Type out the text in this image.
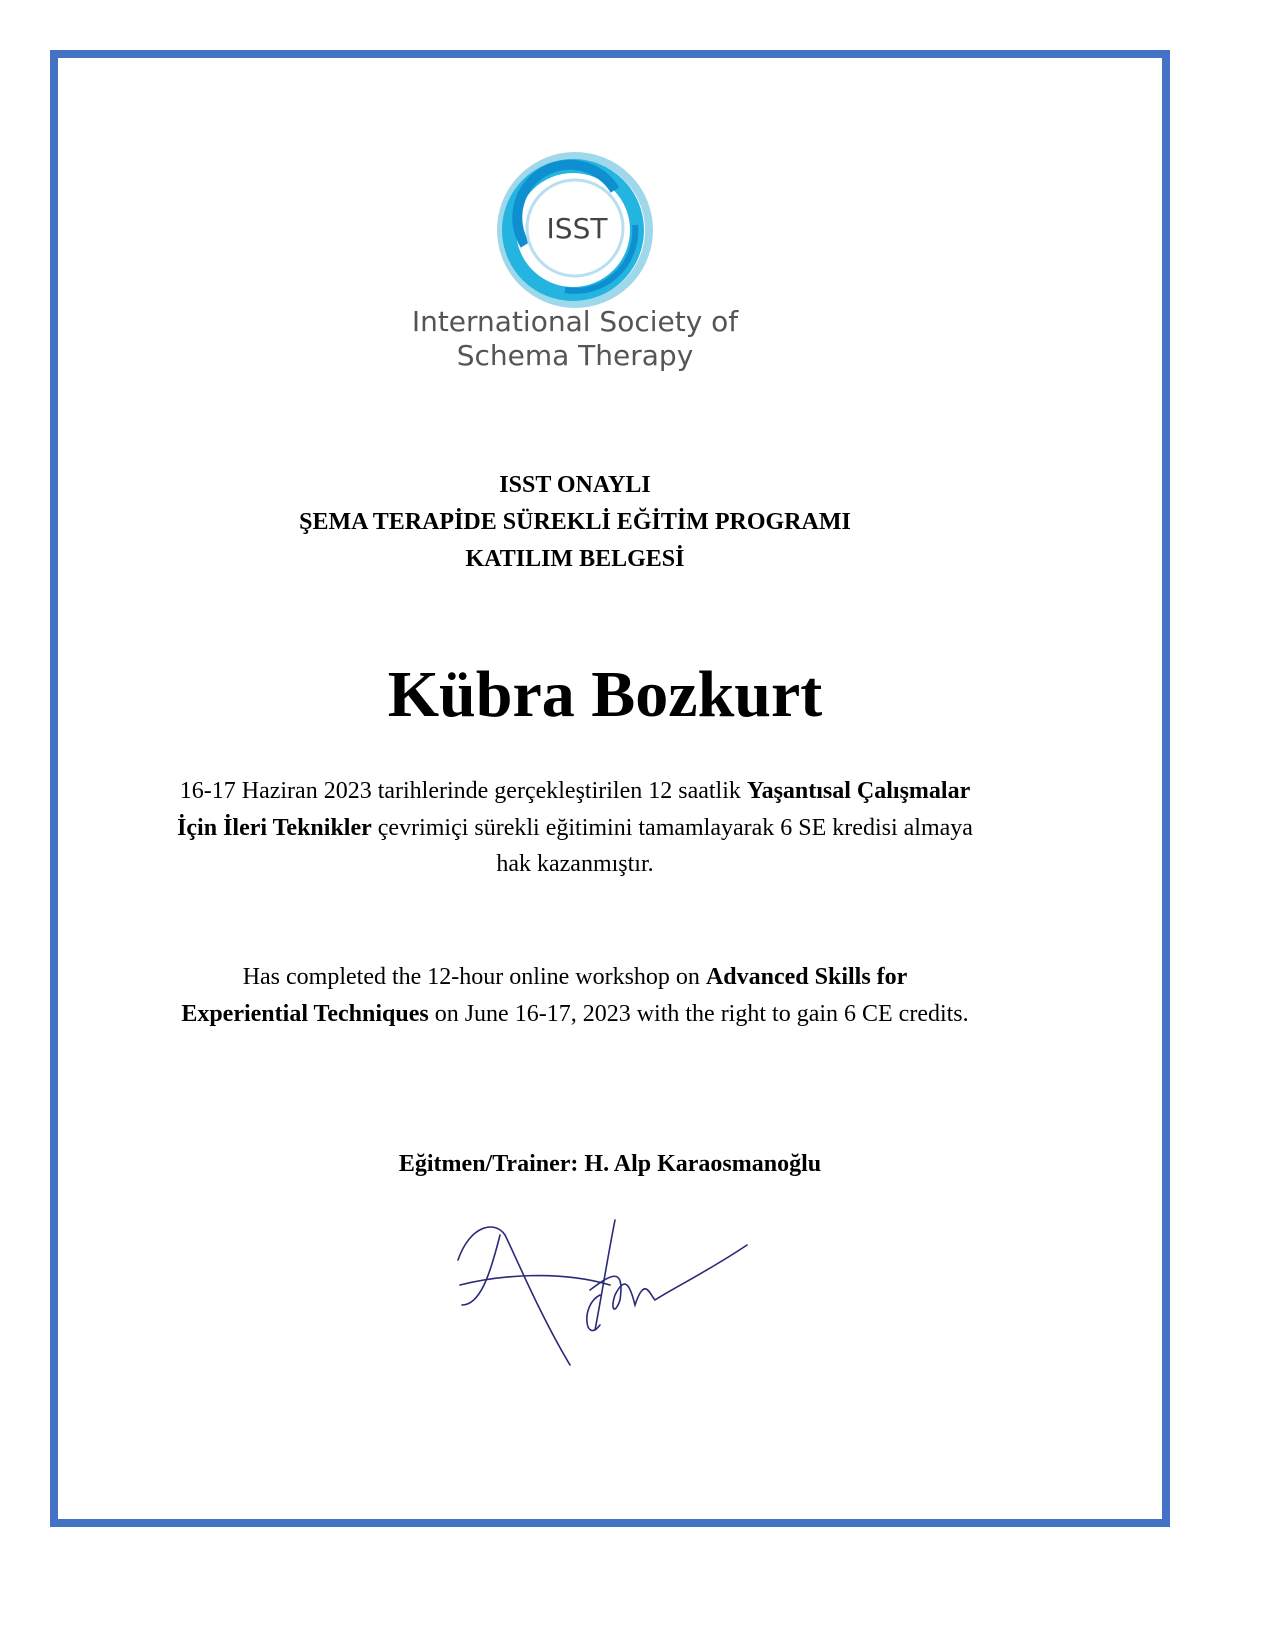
ISST
International Society of
Schema Therapy
ISST ONAYLI
ŞEMA TERAPİDE SÜREKLİ EĞİTİM PROGRAMI
KATILIM BELGESİ
Kübra Bozkurt
16-17 Haziran 2023 tarihlerinde gerçekleştirilen 12 saatlik Yaşantısal Çalışmalar İçin İleri Teknikler çevrimiçi sürekli eğitimini tamamlayarak 6 SE kredisi almaya hak kazanmıştır.
Has completed the 12-hour online workshop on Advanced Skills for Experiential Techniques on June 16-17, 2023 with the right to gain 6 CE credits.
Eğitmen/Trainer: H. Alp Karaosmanoğlu
